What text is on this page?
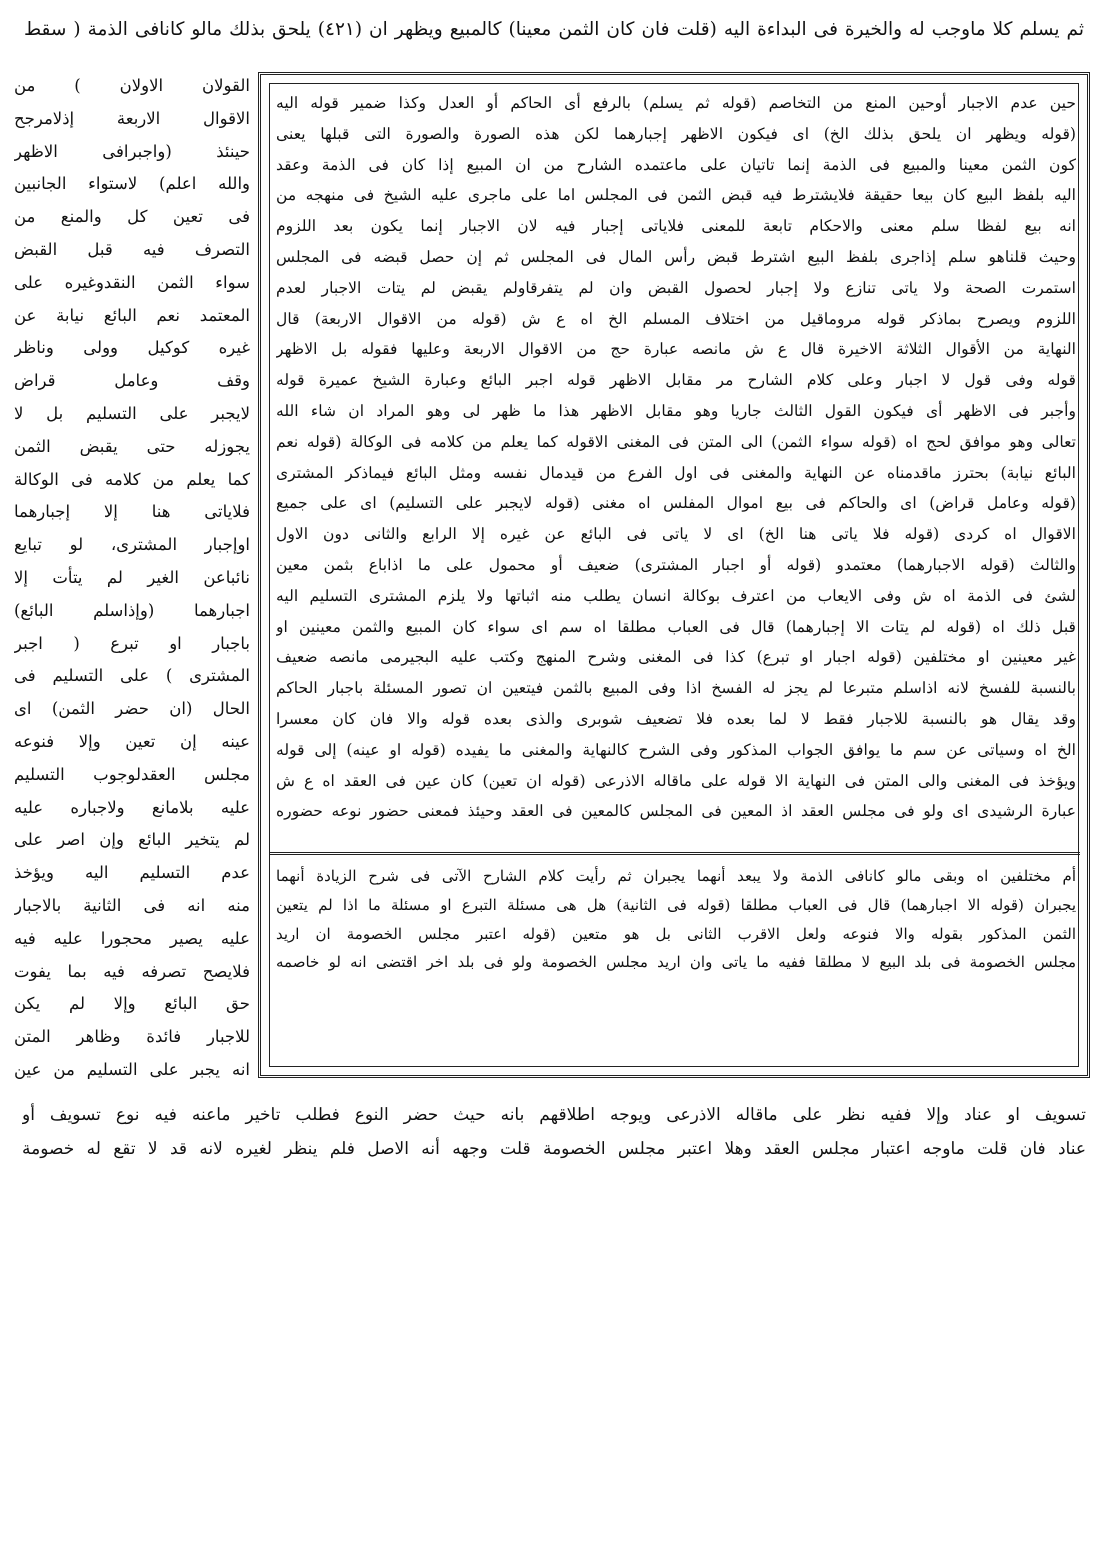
ثم يسلم كلا ماوجب له والخيرة فى البداءة اليه (قلت فان كان الثمن معينا) كالمبيع ويظهر ان (٤٢١) يلحق بذلك مالو كانافى الذمة ( سقط
القولان الاولان ) من
الاقوال الاربعة إذلامرجح
حينئذ (واجبرافى الاظهر
والله اعلم) لاستواء الجانبين
فى تعين كل والمنع من
التصرف فيه قبل القبض
سواء الثمن النقدوغيره على
المعتمد نعم البائع نيابة عن
غيره كوكيل وولى وناظر
وقف وعامل قراض
لايجبر على التسليم بل لا
يجوزله حتى يقبض الثمن
كما يعلم من كلامه فى الوكالة
فلاياتى هنا إلا إجبارهما
اوإجبار المشترى، لو تبايع
نائباعن الغير لم يتأت إلا
اجبارهما (وإذاسلم البائع)
باجبار او تبرع ( اجبر
المشترى ) على التسليم فى
الحال (ان حضر الثمن) اى
عينه إن تعين وإلا فنوعه
مجلس العقدلوجوب التسليم
عليه بلامانع ولاجباره عليه
لم يتخير البائع وإن اصر على
عدم التسليم اليه ويؤخذ
منه انه فى الثانية بالاجبار
عليه يصير محجورا عليه فيه
فلايصح تصرفه فيه بما يفوت
حق البائع وإلا لم يكن
للاجبار فائدة وظاهر المتن
انه يجبر على التسليم من عين
حين عدم الاجبار أوحين المنع من التخاصم (قوله ثم يسلم) بالرفع أى الحاكم أو العدل وكذا ضمير قوله اليه
(قوله ويظهر ان يلحق بذلك الخ) اى فيكون الاظهر إجبارهما لكن هذه الصورة والصورة التى قبلها يعنى
كون الثمن معينا والمبيع فى الذمة إنما تاتيان على ماعتمده الشارح من ان المبيع إذا كان فى الذمة وعقد
اليه بلفظ البيع كان بيعا حقيقة فلايشترط فيه قبض الثمن فى المجلس اما على ماجرى عليه الشيخ فى منهجه من
انه بيع لفظا سلم معنى والاحكام تابعة للمعنى فلاياتى إجبار فيه لان الاجبار إنما يكون بعد اللزوم
وحيث قلناهو سلم إذاجرى بلفظ البيع اشترط قبض رأس المال فى المجلس ثم إن حصل قبضه فى المجلس
استمرت الصحة ولا ياتى تنازع ولا إجبار لحصول القبض وان لم يتفرقاولم يقبض لم يتات الاجبار لعدم
اللزوم ويصرح بماذكر قوله مروماقيل من اختلاف المسلم الخ اه ع ش (قوله من الاقوال الاربعة) قال
النهاية من الأقوال الثلاثة الاخيرة قال ع ش مانصه عبارة حج من الاقوال الاربعة وعليها فقوله بل الاظهر
قوله وفى قول لا اجبار وعلى كلام الشارح مر مقابل الاظهر قوله اجبر البائع وعبارة الشيخ عميرة قوله
وأجبر فى الاظهر أى فيكون القول الثالث جاريا وهو مقابل الاظهر هذا ما ظهر لى وهو المراد ان شاء الله
تعالى وهو موافق لحج اه (قوله سواء الثمن) الى المتن فى المغنى الاقوله كما يعلم من كلامه فى الوكالة (قوله نعم
البائع نيابة) بحترز ماقدمناه عن النهاية والمغنى فى اول الفرع من قيدمال نفسه ومثل البائع فيماذكر المشترى
(قوله وعامل قراض) اى والحاكم فى بيع اموال المفلس اه مغنى (قوله لايجبر على التسليم) اى على جميع
الاقوال اه كردى (قوله فلا ياتى هنا الخ) اى لا ياتى فى البائع عن غيره إلا الرابع والثانى دون الاول
والثالث (قوله الاجبارهما) معتمدو (قوله أو اجبار المشترى) ضعيف أو محمول على ما اذاباع بثمن معين
لشئ فى الذمة اه ش وفى الايعاب من اعترف بوكالة انسان يطلب منه اثباتها ولا يلزم المشترى التسليم اليه
قبل ذلك اه (قوله لم يتات الا إجبارهما) قال فى العباب مطلقا اه سم اى سواء كان المبيع والثمن معينين او
غير معينين او مختلفين (قوله اجبار او تبرع) كذا فى المغنى وشرح المنهج وكتب عليه البجيرمى مانصه ضعيف
بالنسبة للفسخ لانه اذاسلم متبرعا لم يجز له الفسخ اذا وفى المبيع بالثمن فيتعين ان تصور المسئلة باجبار الحاكم
وقد يقال هو بالنسبة للاجبار فقط لا لما بعده فلا تضعيف شوبرى والذى بعده قوله والا فان كان معسرا
الخ اه وسياتى عن سم ما يوافق الجواب المذكور وفى الشرح كالنهاية والمغنى ما يفيده (قوله او عينه) إلى قوله
ويؤخذ فى المغنى والى المتن فى النهاية الا قوله على ماقاله الاذرعى (قوله ان تعين) كان عين فى العقد اه ع ش
عبارة الرشيدى اى ولو فى مجلس العقد اذ المعين فى المجلس كالمعين فى العقد وحيئذ فمعنى حضور نوعه حضوره
أم مختلفين اه وبقى مالو كانافى الذمة ولا يبعد أنهما يجبران ثم رأيت كلام الشارح الآتى فى شرح الزيادة أنهما
يجبران (قوله الا اجبارهما) قال فى العباب مطلقا (قوله فى الثانية) هل هى مسئلة التبرع او مسئلة ما اذا لم يتعين
الثمن المذكور بقوله والا فنوعه ولعل الاقرب الثانى بل هو متعين (قوله اعتبر مجلس الخصومة ان اريد
مجلس الخصومة فى بلد البيع لا مطلقا ففيه ما ياتى وان اريد مجلس الخصومة ولو فى بلد اخر اقتضى انه لو خاصمه
تسويف او عناد وإلا ففيه نظر على ماقاله الاذرعى ويوجه اطلاقهم بانه حيث حضر النوع فطلب تاخير ماعنه فيه نوع تسويف أو
عناد فان قلت ماوجه اعتبار مجلس العقد وهلا اعتبر مجلس الخصومة قلت وجهه أنه الاصل فلم ينظر لغيره لانه قد لا تقع له خصومة
